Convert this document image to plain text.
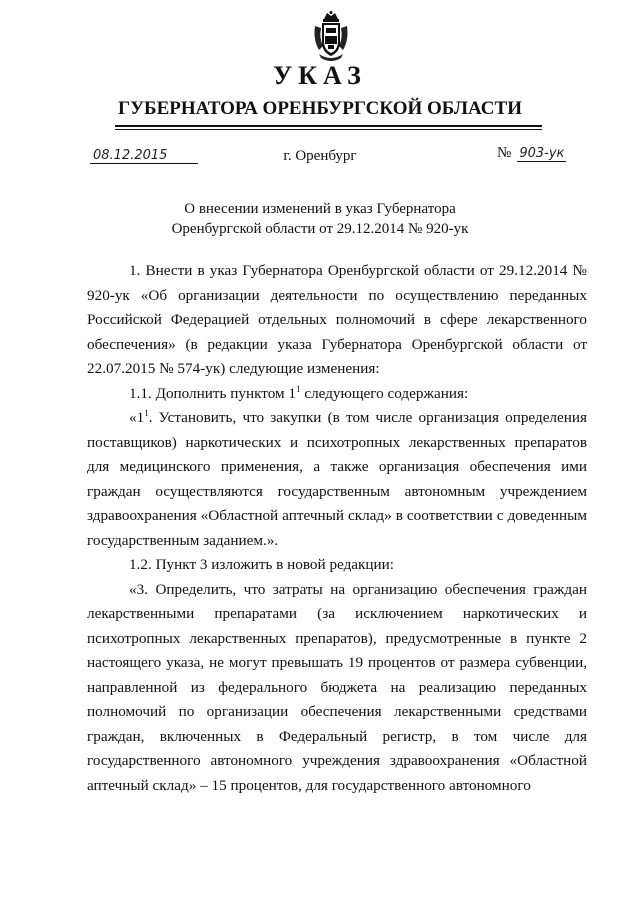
УКАЗ
ГУБЕРНАТОРА ОРЕНБУРГСКОЙ ОБЛАСТИ
08.12.2015	г. Оренбург	№ 903-ук
О внесении изменений в указ Губернатора
Оренбургской области от 29.12.2014 № 920-ук

1. Внести в указ Губернатора Оренбургской области от 29.12.2014 № 920-ук «Об организации деятельности по осуществлению переданных Российской Федерацией отдельных полномочий в сфере лекарственного обеспечения» (в редакции указа Губернатора Оренбургской области от 22.07.2015 № 574-ук) следующие изменения:

1.1. Дополнить пунктом $1^1$ следующего содержания:

«$1^1$. Установить, что закупки (в том числе организация определения поставщиков) наркотических и психотропных лекарственных препаратов для медицинского применения, а также организация обеспечения ими граждан осуществляются государственным автономным учреждением здравоохранения «Областной аптечный склад» в соответствии с доведенным государственным заданием.».

1.2. Пункт 3 изложить в новой редакции:

«3. Определить, что затраты на организацию обеспечения граждан лекарственными препаратами (за исключением наркотических и психотропных лекарственных препаратов), предусмотренные в пункте 2 настоящего указа, не могут превышать 19 процентов от размера субвенции, направленной из федерального бюджета на реализацию переданных полномочий по организации обеспечения лекарственными средствами граждан, включенных в Федеральный регистр, в том числе для государственного автономного учреждения здравоохранения «Областной аптечный склад» – 15 процентов, для государственного автономного
